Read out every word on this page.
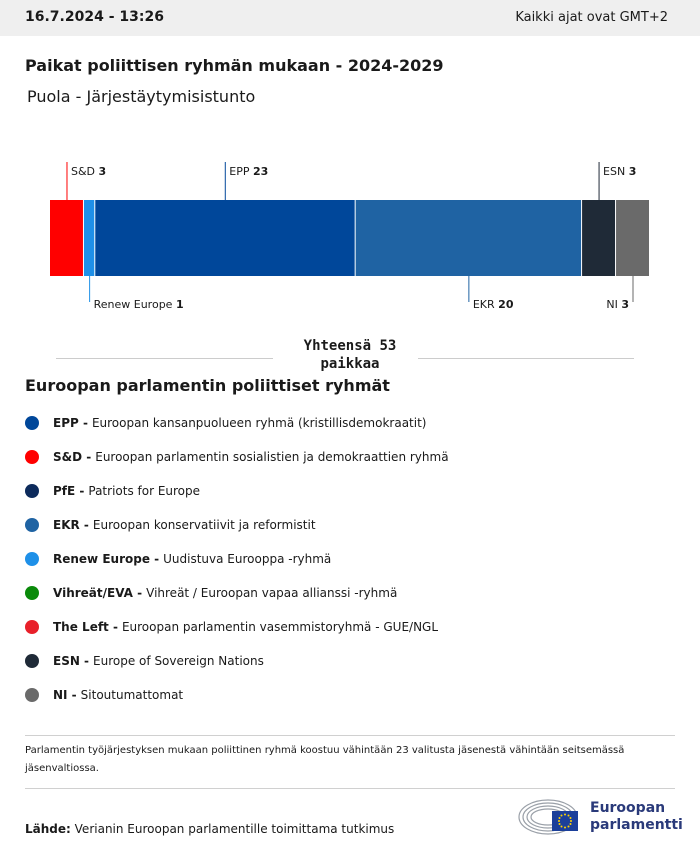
16.7.2024 - 13:26	Kaikki ajat ovat GMT+2
Paikat poliittisen ryhmän mukaan - 2024-2029
Puola - Järjestäytymisistunto
S&D 3
Renew Europe 1
EPP 23
EKR 20
ESN 3
NI 3
Yhteensä 53
paikkaa
Euroopan parlamentin poliittiset ryhmät
EPP - Euroopan kansanpuolueen ryhmä (kristillisdemokraatit)
S&D - Euroopan parlamentin sosialistien ja demokraattien ryhmä
PfE - Patriots for Europe
EKR - Euroopan konservatiivit ja reformistit
Renew Europe - Uudistuva Eurooppa -ryhmä
Vihreät/EVA - Vihreät / Euroopan vapaa allianssi -ryhmä
The Left - Euroopan parlamentin vasemmistoryhmä - GUE/NGL
ESN - Europe of Sovereign Nations
NI - Sitoutumattomat
Parlamentin työjärjestyksen mukaan poliittinen ryhmä koostuu vähintään 23 valitusta jäsenestä vähintään seitsemässä jäsenvaltiossa.
Lähde: Verianin Euroopan parlamentille toimittama tutkimus
Euroopan
parlamentti
